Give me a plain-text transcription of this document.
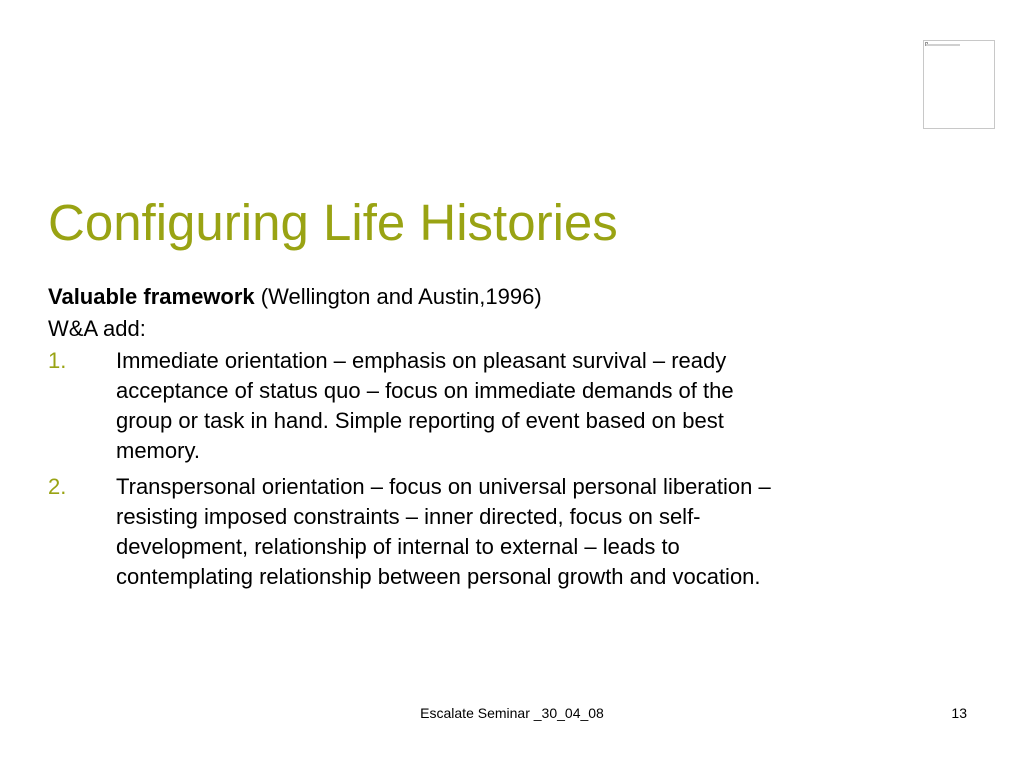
Configuring Life Histories

Valuable framework (Wellington and Austin,1996)

W&A add:

1. Immediate orientation – emphasis on pleasant survival – ready
acceptance of status quo – focus on immediate demands of the
group or task in hand. Simple reporting of event based on best
memory.
2. Transpersonal orientation – focus on universal personal liberation –
resisting imposed constraints – inner directed, focus on self-
development, relationship of internal to external – leads to
contemplating relationship between personal growth and vocation.
Escalate Seminar _30_04_08	13
